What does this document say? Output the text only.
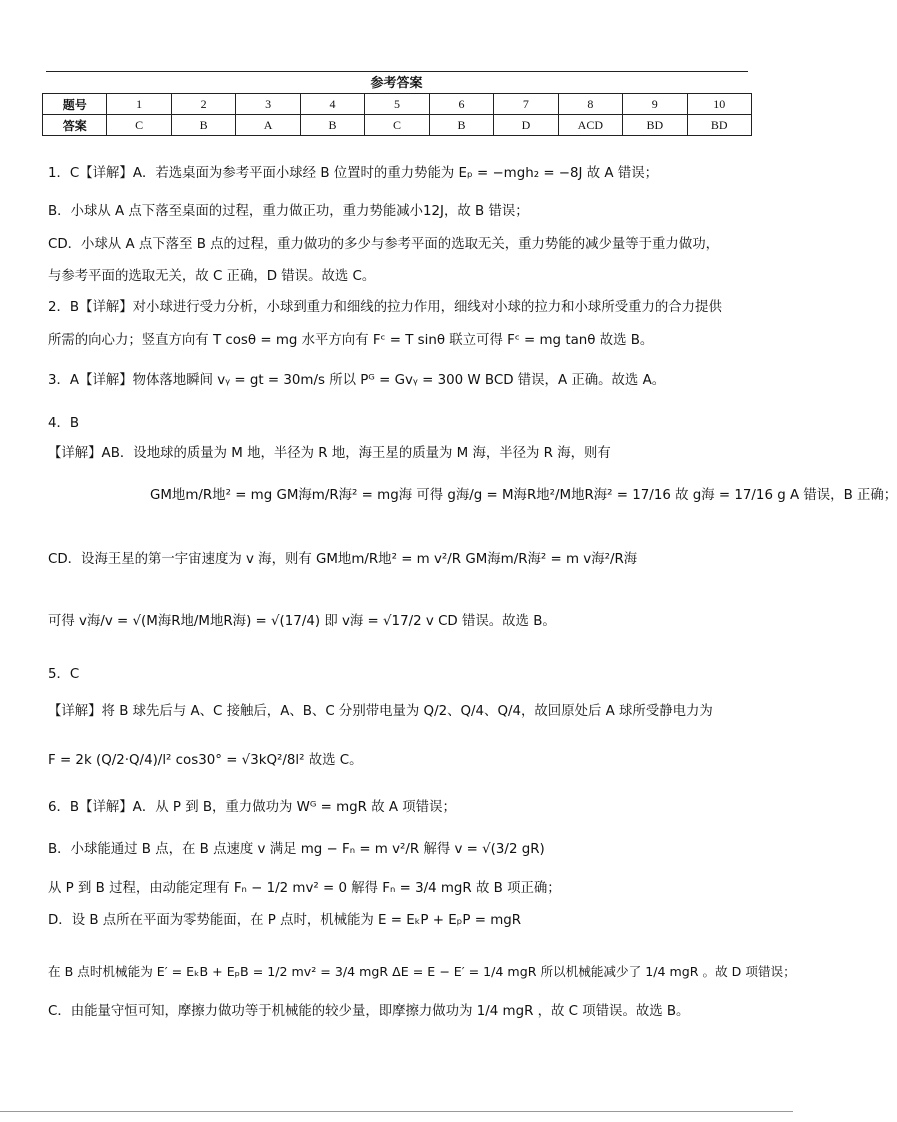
参考答案
题号	1	2	3	4	5	6	7	8	9	10
答案	C	B	A	B	C	B	D	ACD	BD	BD
1．C【详解】A．若选桌面为参考平面小球经 B 位置时的重力势能为 Eₚ = −mgh₂ = −8J 故 A 错误；
B．小球从 A 点下落至桌面的过程，重力做正功，重力势能减小12J，故 B 错误；
CD．小球从 A 点下落至 B 点的过程，重力做功的多少与参考平面的选取无关，重力势能的减少量等于重力做功，
与参考平面的选取无关，故 C 正确，D 错误。故选 C。
2．B【详解】对小球进行受力分析，小球到重力和细线的拉力作用，细线对小球的拉力和小球所受重力的合力提供
所需的向心力；竖直方向有 T cosθ = mg 水平方向有 Fᶜ = T sinθ 联立可得 Fᶜ = mg tanθ 故选 B。
3．A【详解】物体落地瞬间 vᵧ = gt = 30m/s 所以 Pᴳ = Gvᵧ = 300 W BCD 错误，A 正确。故选 A。
4．B
【详解】AB．设地球的质量为 M 地，半径为 R 地，海王星的质量为 M 海，半径为 R 海，则有
GM地m/R地² = mg GM海m/R海² = mg海 可得 g海/g = M海R地²/M地R海² = 17/16 故 g海 = 17/16 g A 错误，B 正确；
CD．设海王星的第一宇宙速度为 v 海，则有 GM地m/R地² = m v²/R GM海m/R海² = m v海²/R海
可得 v海/v = √(M海R地/M地R海) = √(17/4) 即 v海 = √17/2 v CD 错误。故选 B。
5．C
【详解】将 B 球先后与 A、C 接触后，A、B、C 分别带电量为 Q/2、Q/4、Q/4，故回原处后 A 球所受静电力为
F = 2k (Q/2·Q/4)/l² cos30° = √3kQ²/8l² 故选 C。
6．B【详解】A．从 P 到 B，重力做功为 Wᴳ = mgR 故 A 项错误；
B．小球能通过 B 点，在 B 点速度 v 满足 mg − Fₙ = m v²/R 解得 v = √(3/2 gR)
从 P 到 B 过程，由动能定理有 Fₙ − 1/2 mv² = 0 解得 Fₙ = 3/4 mgR 故 B 项正确；
D．设 B 点所在平面为零势能面，在 P 点时，机械能为 E = EₖP + EₚP = mgR
在 B 点时机械能为 E′ = EₖB + EₚB = 1/2 mv² = 3/4 mgR ΔE = E − E′ = 1/4 mgR 所以机械能减少了 1/4 mgR 。故 D 项错误；
C．由能量守恒可知，摩擦力做功等于机械能的较少量，即摩擦力做功为 1/4 mgR ，故 C 项错误。故选 B。
